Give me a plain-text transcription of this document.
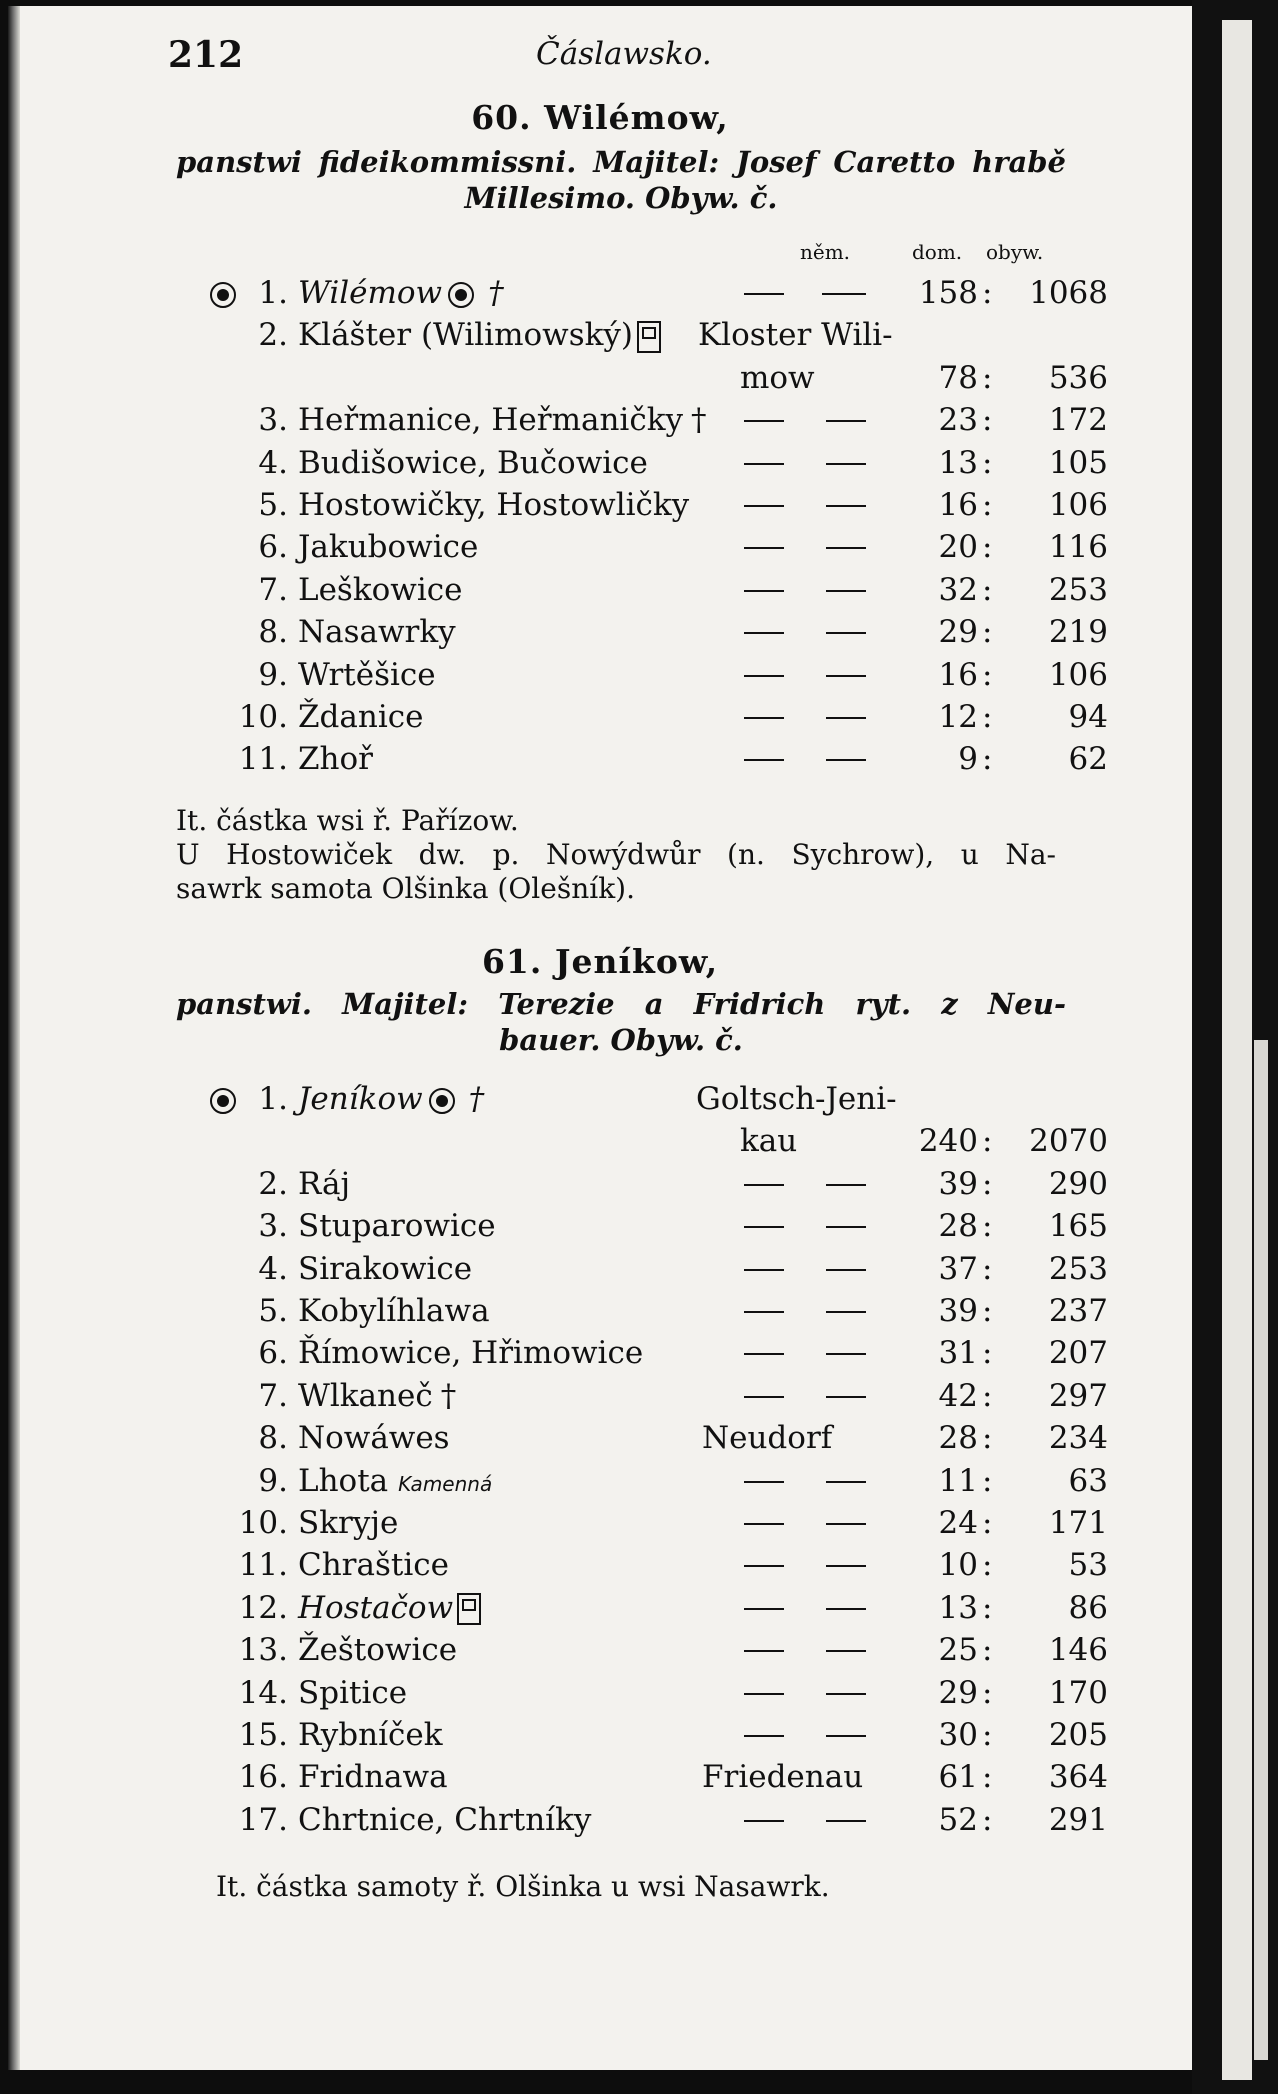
212	Čáslawsko.
60. Wilémow,
panstwi fideikommissni. Majitel: Josef Caretto hrabě
Millesimo. Obyw. č.
něm.	dom. obyw.
1. Wilémow †	158 :	1068
2. Klášter (Wilimowský)	Kloster Wili-
mow	78 :	536
3. Heřmanice, Heřmaničky †	23 :	172
4. Budišowice, Bučowice	13 :	105
5. Hostowičky, Hostowličky	16 :	106
6. Jakubowice	20 :	116
7. Leškowice	32 :	253
8. Nasawrky	29 :	219
9. Wrtěšice	16 :	106
10. Ždanice	12 :	94
11. Zhoř	9 :	62
It. částka wsi ř. Pařízow.
U Hostowiček dw. p. Nowýdwůr (n. Sychrow), u Na-
sawrk samota Olšinka (Olešník).
61. Jeníkow,
panstwi. Majitel: Terezie a Fridrich ryt. z Neu-
bauer. Obyw. č.
1. Jeníkow †	Goltsch-Jeni-
kau	240 :	2070
2. Ráj	39 :	290
3. Stuparowice	28 :	165
4. Sirakowice	37 :	253
5. Kobylíhlawa	39 :	237
6. Římowice, Hřimowice	31 :	207
7. Wlkaneč †	42 :	297
8. Nowáwes	Neudorf	28 :	234
9. Lhota Kamenná	11 :	63
10. Skryje	24 :	171
11. Chraštice	10 :	53
12. Hostačow	13 :	86
13. Žeštowice	25 :	146
14. Spitice	29 :	170
15. Rybníček	30 :	205
16. Fridnawa	Friedenau	61 :	364
17. Chrtnice, Chrtníky	52 :	291
It. částka samoty ř. Olšinka u wsi Nasawrk.
